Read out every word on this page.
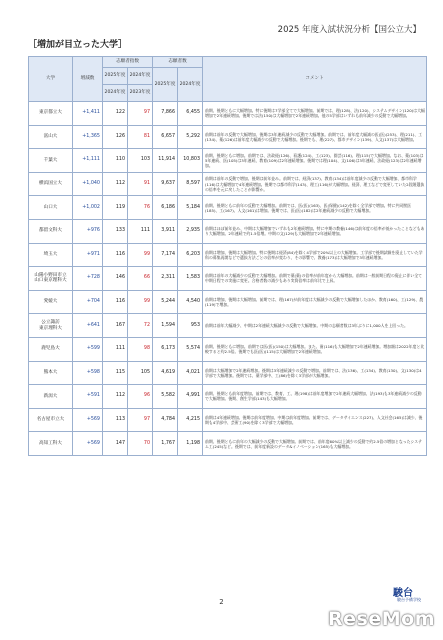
2025 年度入試状況分析【国公立大】
［増加が目立った大学］
大学	増減数	志願者指数		志願者数		コメント
		2025年度	2024年度	2025年度	2024年度	
		2024年度	2023年度			
東京都立大	+1,411	122	97	7,866	6,455	前期、後期ともに大幅増加。特に後期は7学部全てで大幅増加。前期では、理(128)、法(120)、システムデザイン(120)は大幅増加で2年連続増加。後期では法(150)は大幅増加で2年連続増加。他の5学部はいずれも前年減少の反動で大幅増加。
富山大	+1,365	126	81	6,657	5,292	前期は前年の反動で大幅増加、後期は3年連続減少の反動で大幅増加。前期では、前年度大幅減の医(医)(253)、理(211)、工(134)、薬(126)は前年度大幅減少の反動で大幅増加。後期でも、理(227)、都市デザイン(139)、人文(137)は大幅増加。
千葉大	+1,111	110	103	11,914	10,803	前期、後期ともに増加。前期では、法政経(126)、看護(124)、工(123)、園芸(116)、理(115)で大幅増加。なお、薬(103)は5年連続、医(105)は3年連続、教育(109)は2年連続増加。後期では理(104)、文(106)は3年連続、法政経(123)は2年連続増加。
横浜国立大	+1,040	112	91	9,637	8,597	前期は前年の反動で増加、後期は前年並み。前期では、経済(137)、教育(134)は前年度減少の反動で大幅増加、都市科学(116)は大幅増加で4年連続増加。後期では都市科学(143)、理工(116)が大幅増加。経済、理工などで変更していた2段階選抜の倍率を元に戻したことが影響か。
山口大	+1,002	119	76	6,186	5,184	前期、後期ともに前年の反動で大幅増加。前期では、医(医)(163)、医(保健)(142)を除く全学部で増加。特に共同獣医(185)、工(167)、人文(161)は増加。後期では、医(医)(182)は2年連続減少の反動で大幅増加。
都留文科大	+976	133	111	3,911	2,935	前期はほぼ前年並み、中期は大幅増加でいずれも2年連続増加。特に中期の教養(146)は前年度の倍率が低かったことなどもあり大幅増加。2年連続で約1.5倍増。中期の文(129)も大幅増加で2年連続増加。
埼玉大	+971	116	99	7,174	6,203	前期は増加、後期は大幅増加。特に後期は経済(84)を除く4学部で20%以上の大幅増加。工学部で後期試験を廃止していた学科の募集再開などで選抜方法ごとの倍率が変わり、その影響で、教養(173)は大幅増加で3年連続増加。
山陽小野田市立
山口東京理科大	+728	146	66	2,311	1,583	前期は前年の大幅減少の反動で大幅増加。前期で薬(薬)の倍率が前年度から大幅増加。前期は一般前期日程の廃止に伴い全て中期日程での実施に変更。合格者数の減少もあり実質倍率は前年比で上昇。
愛媛大	+704	116	99	5,244	4,540	前期は増加、後期は大幅増加。前期では、理(167)が前年度は大幅減少の反動で大幅増加したほか、教育(160)、工(129)、農(119)で増加。
公立諏訪
東京理科大	+641	167	72	1,594	953	前期は前年大幅減少、中期は2年連続大幅減少の反動で大幅増加。中期の志願者数は3年ぶりに1,000人を上回った。
鹿児島大	+599	111	98	6,173	5,574	前期、後期ともに増加。前期では医(医)(150)は大幅増加。また、歯(116)も大幅増加で2年連続増加。増加額は2022年度と比較すると約2.5倍。後期でも医(医)(115)は大幅増加で2年連続増加。
熊本大	+598	115	105	4,619	4,021	前期は大幅増加で2年連続増加。後期は3年連続減少の反動で増加。前期では、法(136)、工(134)、教育(130)、文(130)は4学部で大幅増加。後期では、薬学部中、工(86)を除く3学部が大幅増加。
新潟大	+591	112	96	5,582	4,991	前期、後期とも前年度増加。前期では、教育、工、理(198)は前年度増加で2年連続大幅増加、法(193)も3年連続減少の反動で大幅増加。後期、創生学部(143)も大幅増加。
名古屋市立大	+569	113	97	4,784	4,215	前期は4年連続増加。後期は前年度増加、中期は前年度増加。前期では、データサイエンス(227)、人文社会(165)は減少、後期も4学部中、芸術工(90)を除く3学部で大幅増加。
高知工科大	+569	147	70	1,767	1,198	前期、後期ともに前年の大幅減少の反動で大幅増加。前期では、前年度60%以上減少の反動で約2.5倍の増加となったシステム工(245)など。後期では、前年度新設のデータ&イノベーション(165)も大幅増加。
2
駿台
駿台予備学校
ReseMom
